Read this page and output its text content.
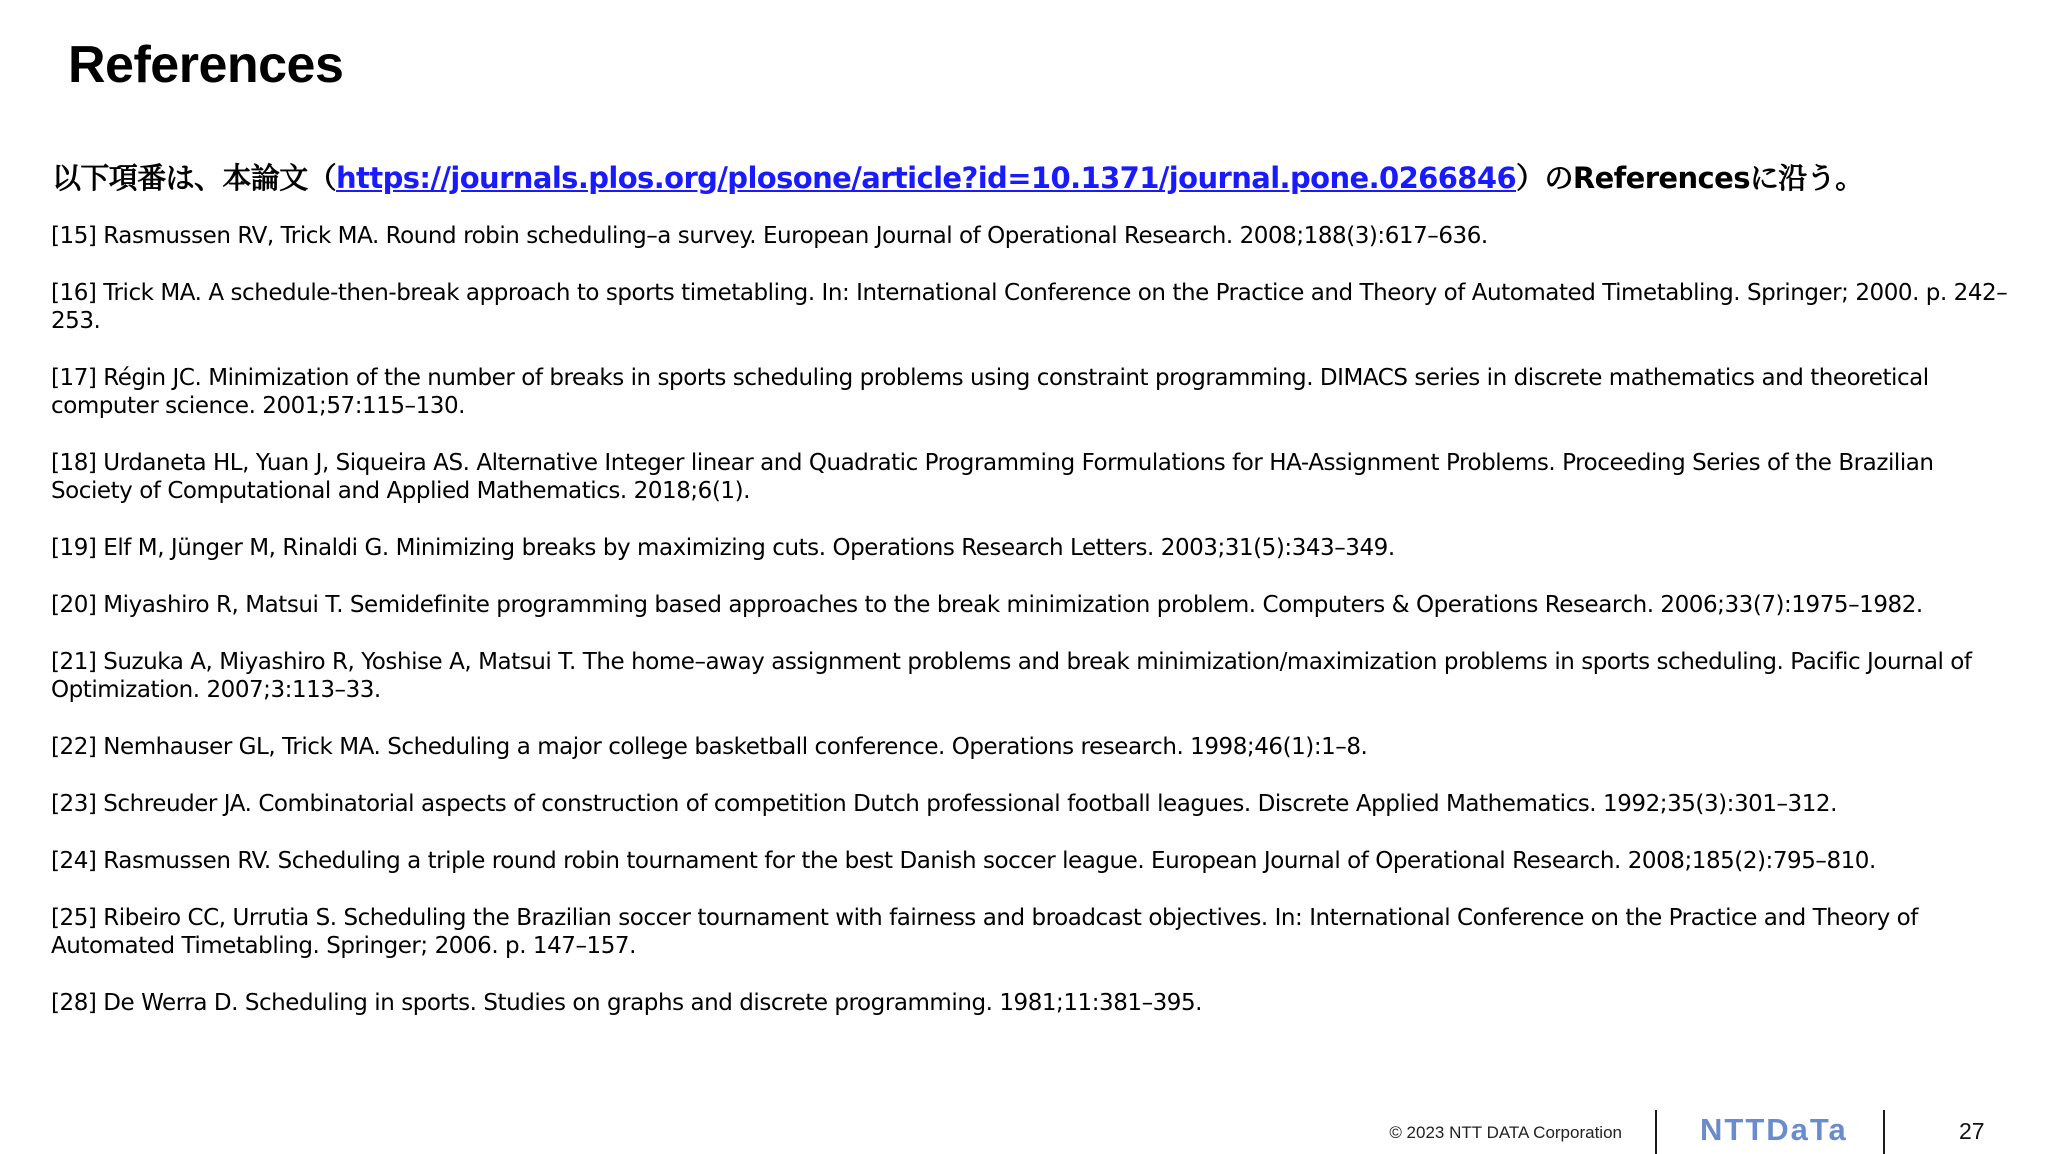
References
以下項番は、本論文（https://journals.plos.org/plosone/article?id=10.1371/journal.pone.0266846）のReferencesに沿う。
[15] Rasmussen RV, Trick MA. Round robin scheduling–a survey. European Journal of Operational Research. 2008;188(3):617–636.
[16] Trick MA. A schedule-then-break approach to sports timetabling. In: International Conference on the Practice and Theory of Automated Timetabling. Springer; 2000. p. 242–253.
[17] Régin JC. Minimization of the number of breaks in sports scheduling problems using constraint programming. DIMACS series in discrete mathematics and theoretical computer science. 2001;57:115–130.
[18] Urdaneta HL, Yuan J, Siqueira AS. Alternative Integer linear and Quadratic Programming Formulations for HA-Assignment Problems. Proceeding Series of the Brazilian Society of Computational and Applied Mathematics. 2018;6(1).
[19] Elf M, Jünger M, Rinaldi G. Minimizing breaks by maximizing cuts. Operations Research Letters. 2003;31(5):343–349.
[20] Miyashiro R, Matsui T. Semidefinite programming based approaches to the break minimization problem. Computers & Operations Research. 2006;33(7):1975–1982.
[21] Suzuka A, Miyashiro R, Yoshise A, Matsui T. The home–away assignment problems and break minimization/maximization problems in sports scheduling. Pacific Journal of Optimization. 2007;3:113–33.
[22] Nemhauser GL, Trick MA. Scheduling a major college basketball conference. Operations research. 1998;46(1):1–8.
[23] Schreuder JA. Combinatorial aspects of construction of competition Dutch professional football leagues. Discrete Applied Mathematics. 1992;35(3):301–312.
[24] Rasmussen RV. Scheduling a triple round robin tournament for the best Danish soccer league. European Journal of Operational Research. 2008;185(2):795–810.
[25] Ribeiro CC, Urrutia S. Scheduling the Brazilian soccer tournament with fairness and broadcast objectives. In: International Conference on the Practice and Theory of Automated Timetabling. Springer; 2006. p. 147–157.
[28] De Werra D. Scheduling in sports. Studies on graphs and discrete programming. 1981;11:381–395.
© 2023 NTT DATA Corporation	NTTDaTa	27
